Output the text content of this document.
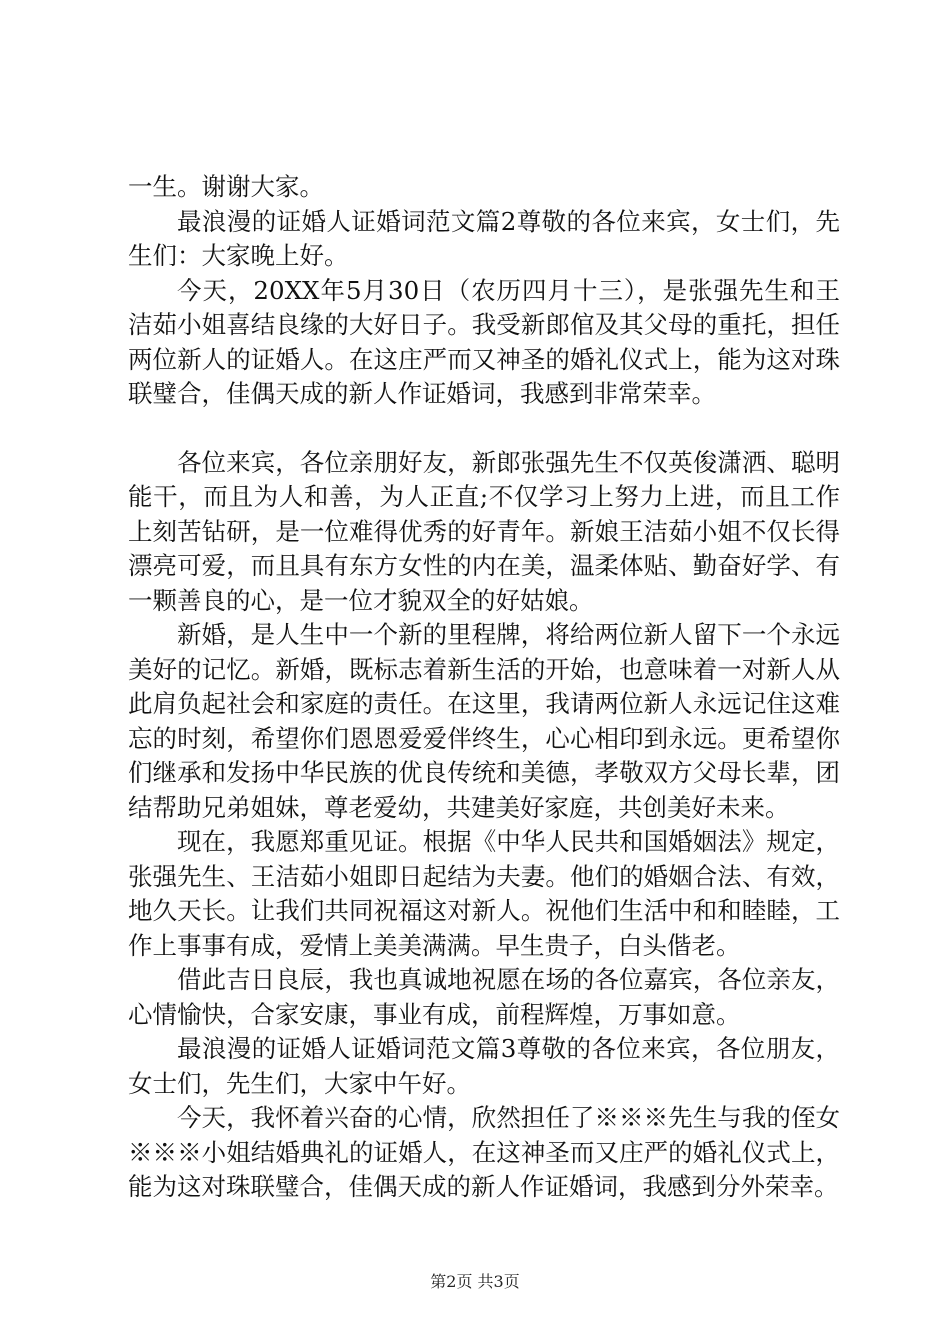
一生。谢谢大家。

最浪漫的证婚人证婚词范文篇2尊敬的各位来宾，女士们，先生们：大家晚上好。

今天，20XX年5月30日（农历四月十三），是张强先生和王洁茹小姐喜结良缘的大好日子。我受新郎倌及其父母的重托，担任两位新人的证婚人。在这庄严而又神圣的婚礼仪式上，能为这对珠联璧合，佳偶天成的新人作证婚词，我感到非常荣幸。

各位来宾，各位亲朋好友，新郎张强先生不仅英俊潇洒、聪明能干，而且为人和善，为人正直;不仅学习上努力上进，而且工作上刻苦钻研，是一位难得优秀的好青年。新娘王洁茹小姐不仅长得漂亮可爱，而且具有东方女性的内在美，温柔体贴、勤奋好学、有一颗善良的心，是一位才貌双全的好姑娘。

新婚，是人生中一个新的里程牌，将给两位新人留下一个永远美好的记忆。新婚，既标志着新生活的开始，也意味着一对新人从此肩负起社会和家庭的责任。在这里，我请两位新人永远记住这难忘的时刻，希望你们恩恩爱爱伴终生，心心相印到永远。更希望你们继承和发扬中华民族的优良传统和美德，孝敬双方父母长辈，团结帮助兄弟姐妹，尊老爱幼，共建美好家庭，共创美好未来。

现在，我愿郑重见证。根据《中华人民共和国婚姻法》规定，张强先生、王洁茹小姐即日起结为夫妻。他们的婚姻合法、有效，地久天长。让我们共同祝福这对新人。祝他们生活中和和睦睦，工作上事事有成，爱情上美美满满。早生贵子，白头偕老。

借此吉日良辰，我也真诚地祝愿在场的各位嘉宾，各位亲友，心情愉快，合家安康，事业有成，前程辉煌，万事如意。

最浪漫的证婚人证婚词范文篇3尊敬的各位来宾，各位朋友，女士们，先生们，大家中午好。

今天，我怀着兴奋的心情，欣然担任了※※※先生与我的侄女※※※小姐结婚典礼的证婚人，在这神圣而又庄严的婚礼仪式上，能为这对珠联璧合，佳偶天成的新人作证婚词，我感到分外荣幸。

第2页 共3页
